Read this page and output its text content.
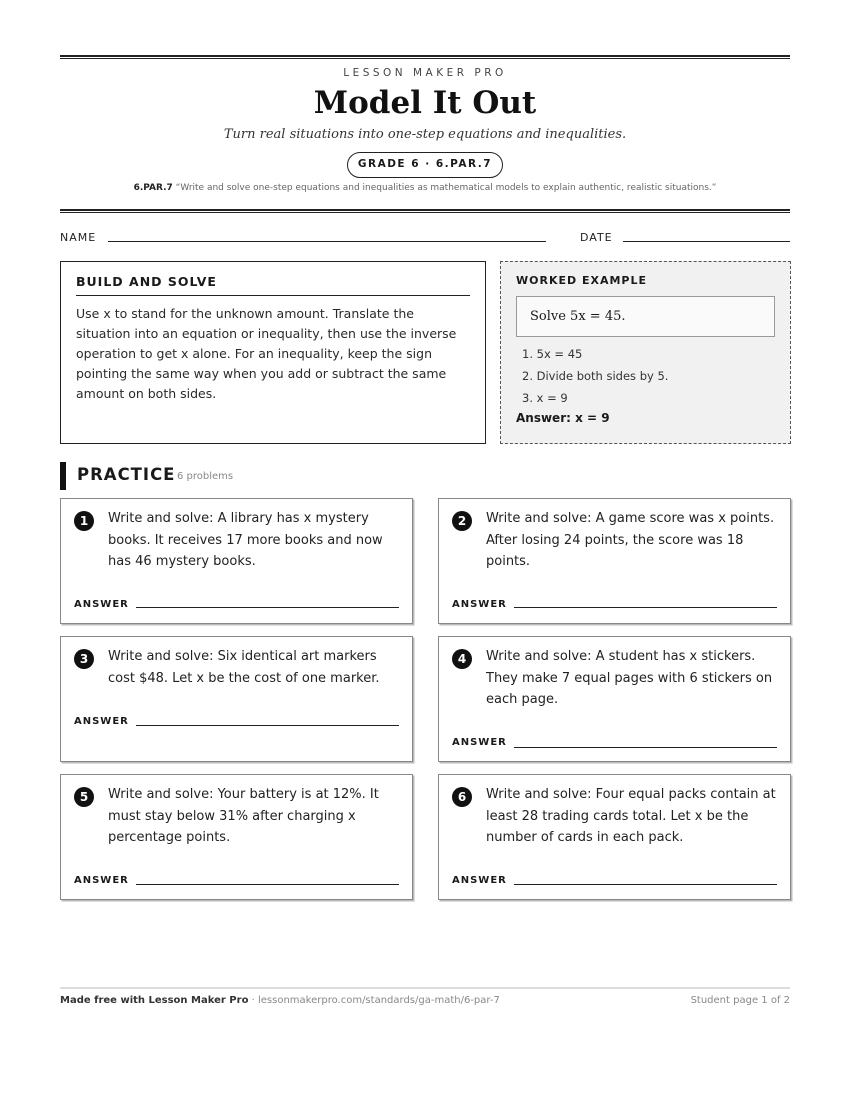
LESSON MAKER PRO
Model It Out
Turn real situations into one-step equations and inequalities.
GRADE 6 · 6.PAR.7
6.PAR.7 “Write and solve one-step equations and inequalities as mathematical models to explain authentic, realistic situations.”
NAME	DATE
BUILD AND SOLVE
Use x to stand for the unknown amount. Translate the situation into an equation or inequality, then use the inverse operation to get x alone. For an inequality, keep the sign pointing the same way when you add or subtract the same amount on both sides.
WORKED EXAMPLE
Solve 5x = 45.
1. 5x = 45
2. Divide both sides by 5.
3. x = 9
Answer: x = 9
PRACTICE 6 problems
1	Write and solve: A library has x mystery books. It receives 17 more books and now has 46 mystery books.
ANSWER
2	Write and solve: A game score was x points. After losing 24 points, the score was 18 points.
ANSWER
3	Write and solve: Six identical art markers cost $48. Let x be the cost of one marker.
ANSWER
4	Write and solve: A student has x stickers. They make 7 equal pages with 6 stickers on each page.
ANSWER
5	Write and solve: Your battery is at 12%. It must stay below 31% after charging x percentage points.
ANSWER
6	Write and solve: Four equal packs contain at least 28 trading cards total. Let x be the number of cards in each pack.
ANSWER
Made free with Lesson Maker Pro · lessonmakerpro.com/standards/ga-math/6-par-7	Student page 1 of 2
